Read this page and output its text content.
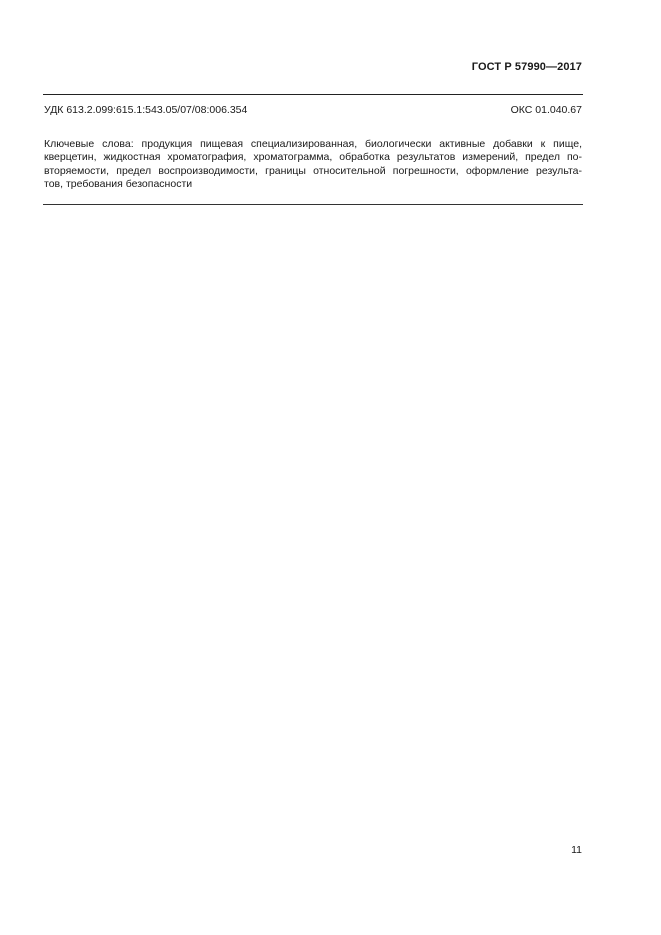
ГОСТ Р 57990—2017
УДК 613.2.099:615.1:543.05/07/08:006.354	ОКС 01.040.67
Ключевые слова: продукция пищевая специализированная, биологически активные добавки к пище,
кверцетин, жидкостная хроматография, хроматограмма, обработка результатов измерений, предел по-
вторяемости, предел воспроизводимости, границы относительной погрешности, оформление результа-
тов, требования безопасности
11
